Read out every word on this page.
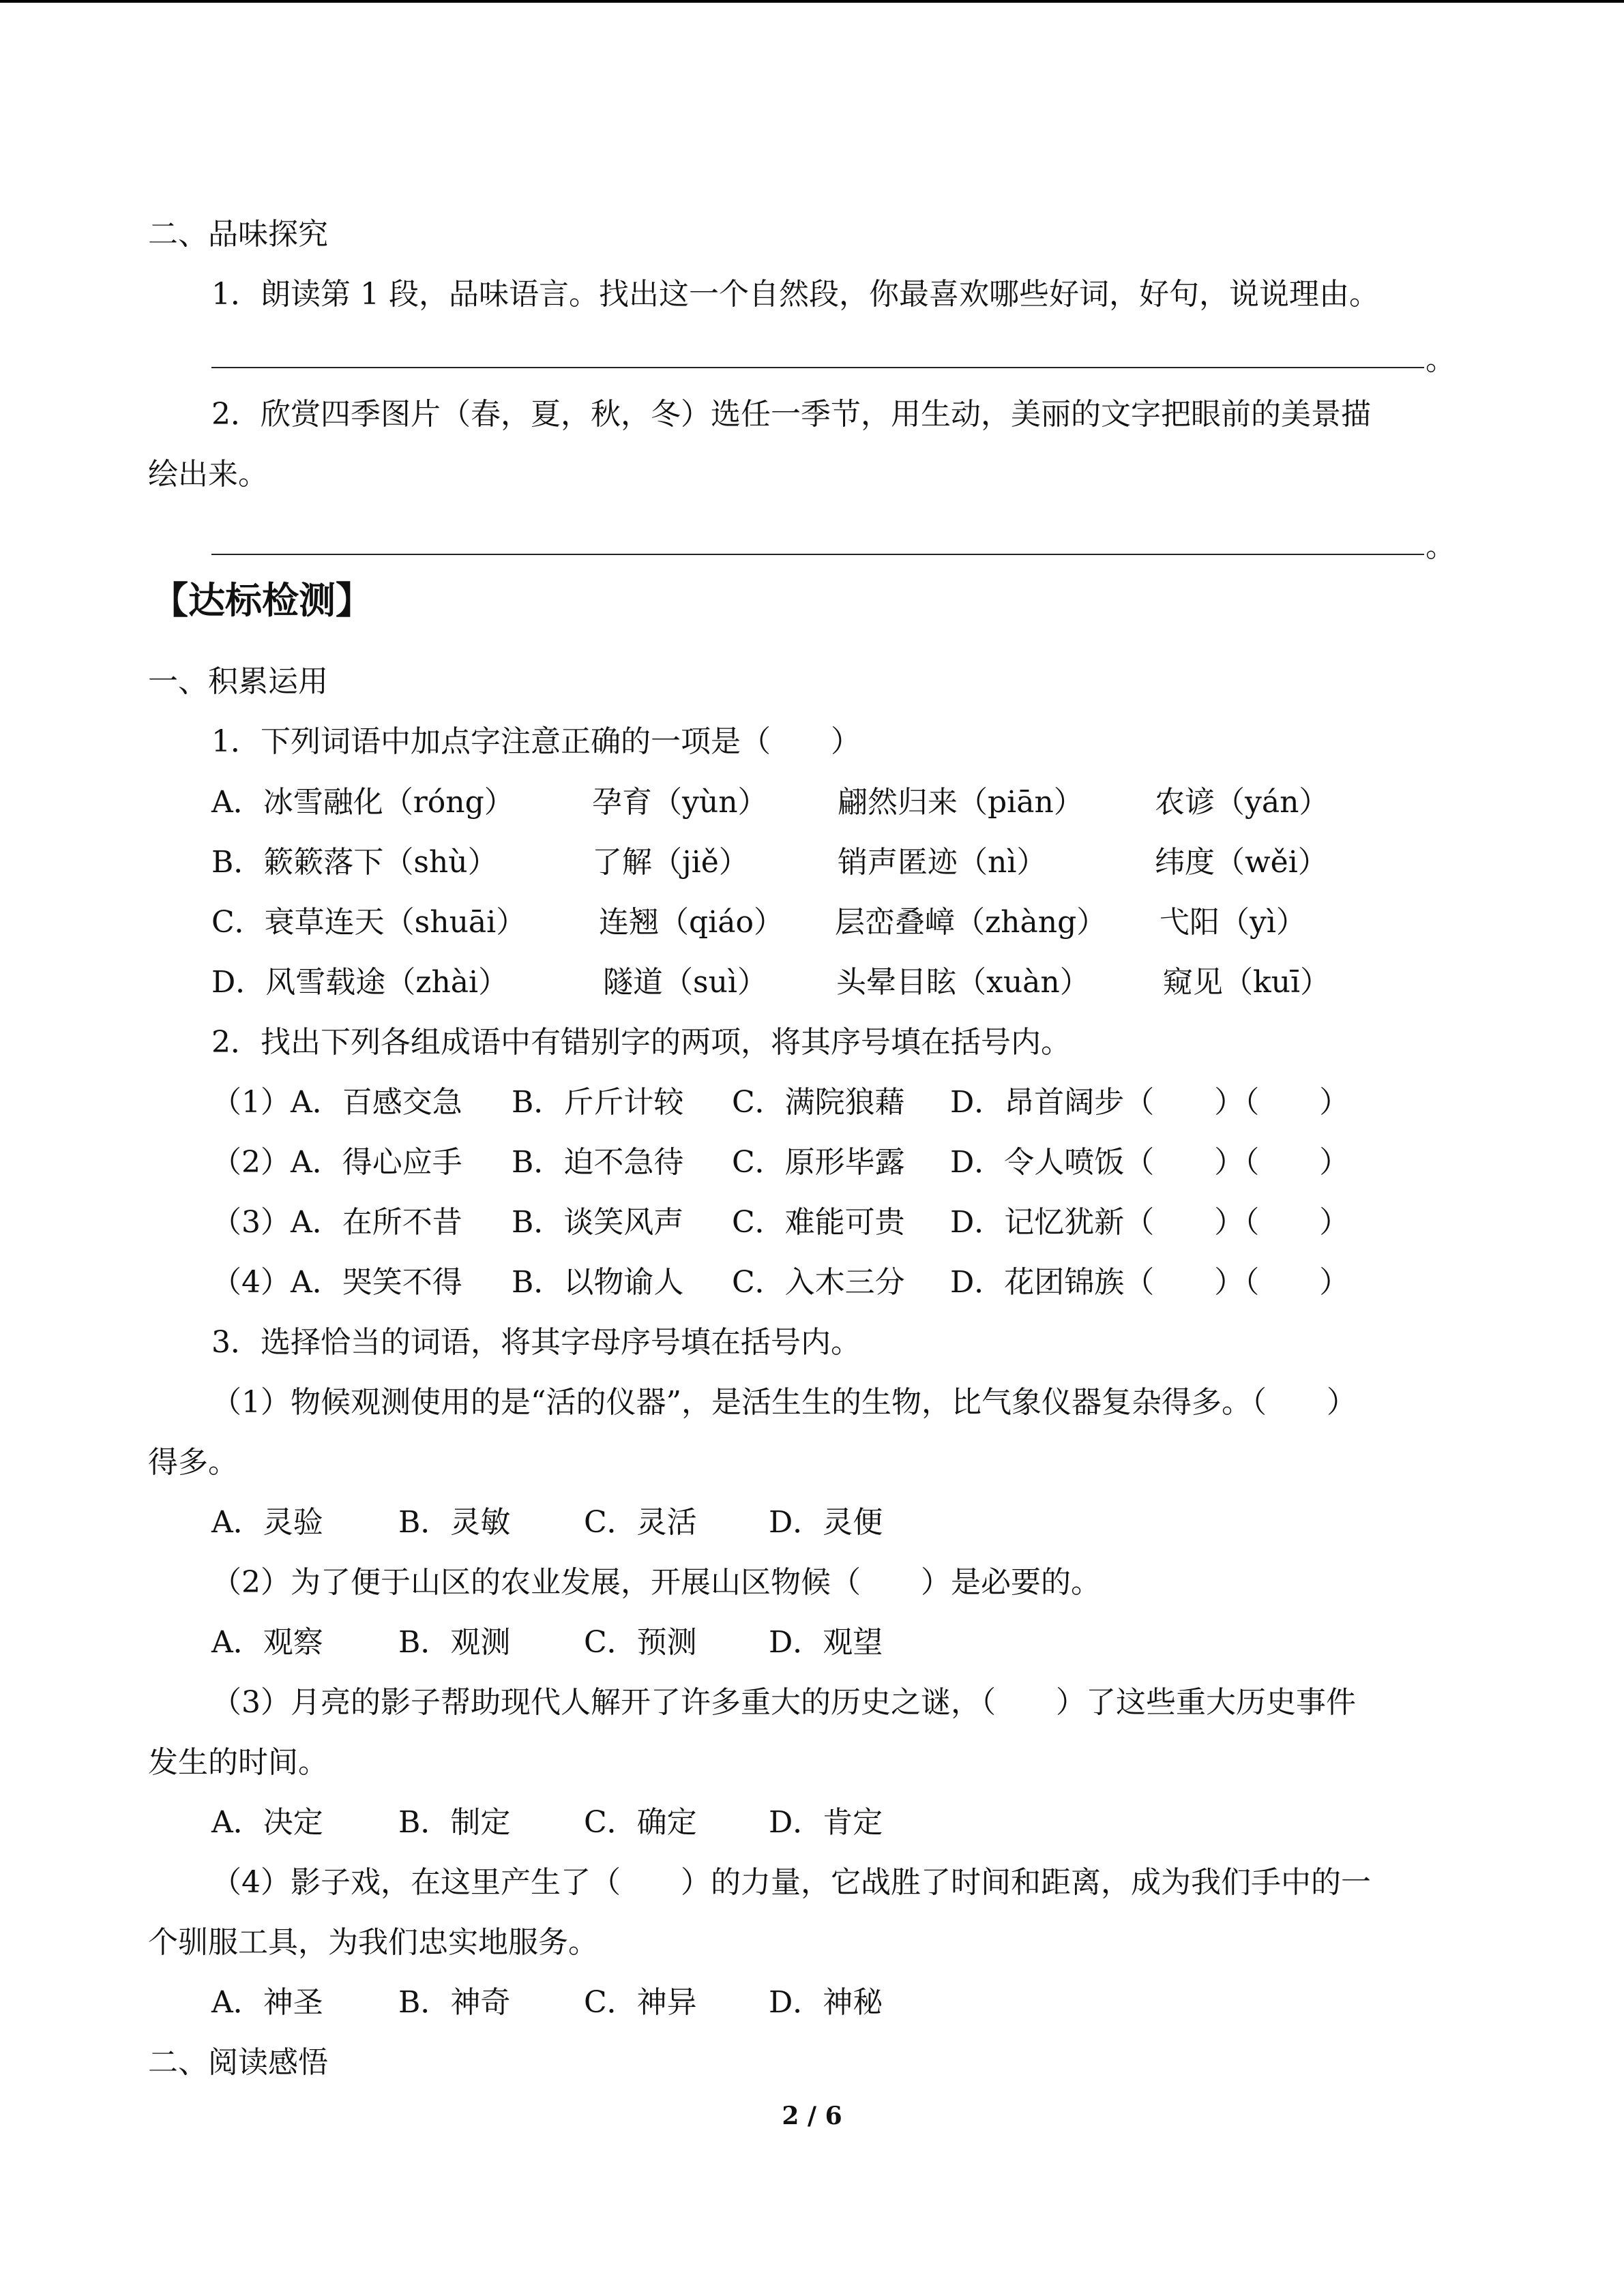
二、品味探究
1．朗读第 1 段，品味语言。找出这一个自然段，你最喜欢哪些好词，好句，说说理由。
。
2．欣赏四季图片（春，夏，秋，冬）选任一季节，用生动，美丽的文字把眼前的美景描
绘出来。
。
【达标检测】
一、积累运用
1．下列词语中加点字注意正确的一项是（　　）
A．冰雪融化（róng）	孕育（yùn） 翩然归来（piān） 农谚（yán）
B．簌簌落下（shù）	了解（jiě）	销声匿迹（nì）	纬度（wěi）
C．衰草连天（shuāi） 连翘（qiáo） 层峦叠嶂（zhàng） 弋阳（yì）
D．风雪载途（zhài）	隧道（suì） 头晕目眩（xuàn） 窥见（kuī）
2．找出下列各组成语中有错别字的两项，将其序号填在括号内。
（1）A．百感交急 B．斤斤计较 C．满院狼藉 D．昂首阔步（　　）（　　）
（2）A．得心应手 B．迫不急待 C．原形毕露 D．令人喷饭（　　）（　　）
（3）A．在所不昔 B．谈笑风声 C．难能可贵 D．记忆犹新（　　）（　　）
（4）A．哭笑不得 B．以物谕人 C．入木三分 D．花团锦族（　　）（　　）
3．选择恰当的词语，将其字母序号填在括号内。
（1）物候观测使用的是“活的仪器”，是活生生的生物，比气象仪器复杂得多。（　　）
得多。
A．灵验	B．灵敏 C．灵活 D．灵便
（2）为了便于山区的农业发展，开展山区物候（　　）是必要的。
A．观察	B．观测 C．预测 D．观望
（3）月亮的影子帮助现代人解开了许多重大的历史之谜，（　　）了这些重大历史事件
发生的时间。
A．决定	B．制定 C．确定 D．肯定
（4）影子戏，在这里产生了（　　）的力量，它战胜了时间和距离，成为我们手中的一
个驯服工具，为我们忠实地服务。
A．神圣	B．神奇 C．神异 D．神秘
二、阅读感悟
2 / 6
